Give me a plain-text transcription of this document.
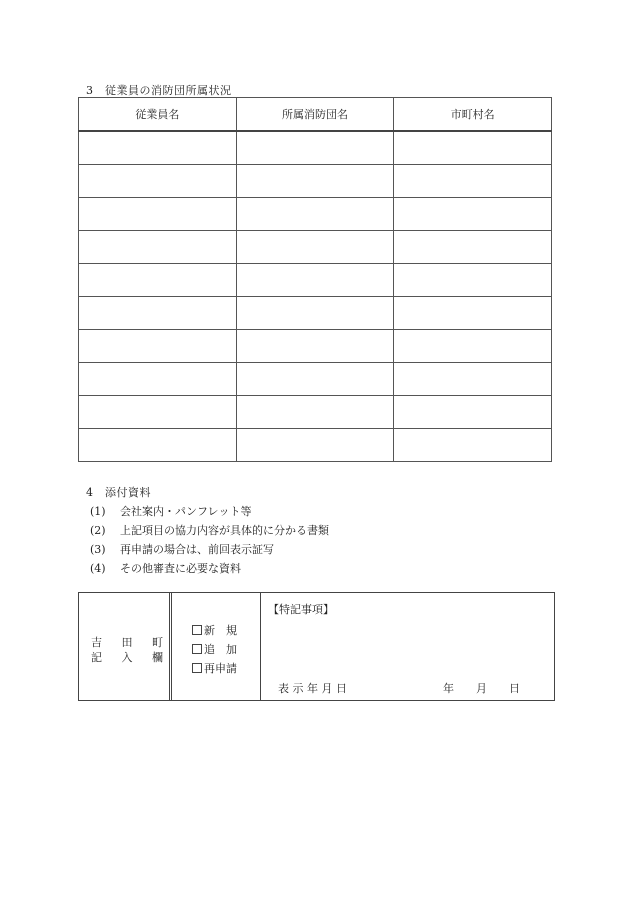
3　従業員の消防団所属状況
従業員名	所属消防団名	市町村名

4　添付資料
(1) 会社案内・パンフレット等
(2) 上記項目の協力内容が具体的に分かる書類
(3) 再申請の場合は、前回表示証写
(4) その他審査に必要な資料
吉 田 町
記 入 欄
新　規
追　加
再申請
【特記事項】
表 示 年 月 日	年　　月　　日
